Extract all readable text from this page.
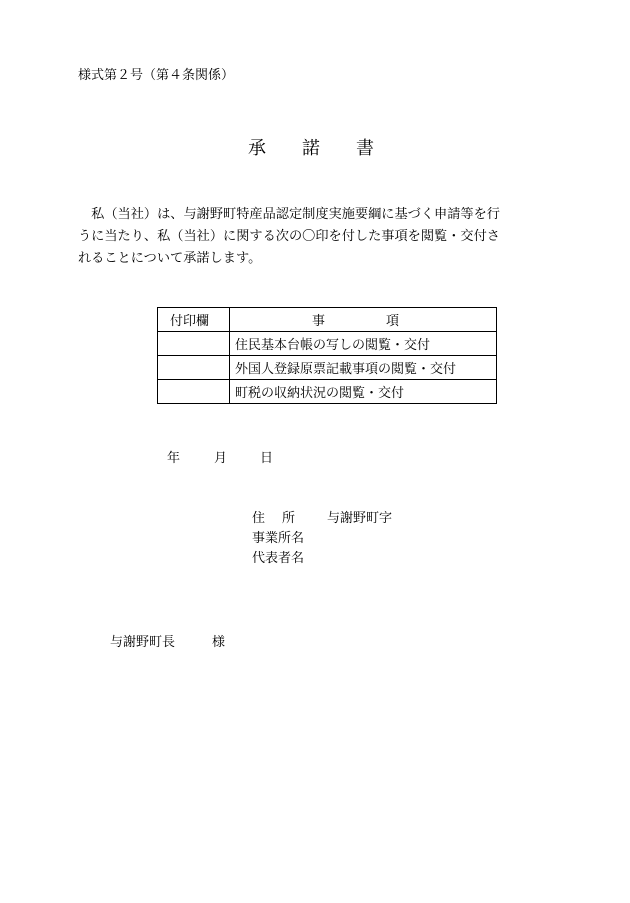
様式第２号（第４条関係）
承	諾	書
　私（当社）は、与謝野町特産品認定制度実施要綱に基づく申請等を行
うに当たり、私（当社）に関する次の〇印を付した事項を閲覧・交付さ
れることについて承諾します。
付印欄	事 項
	住民基本台帳の写しの閲覧・交付
	外国人登録原票記載事項の閲覧・交付
	町税の収納状況の閲覧・交付
年	月	日
住 所	与謝野町字
事業所名
代表者名
与謝野町長	様
